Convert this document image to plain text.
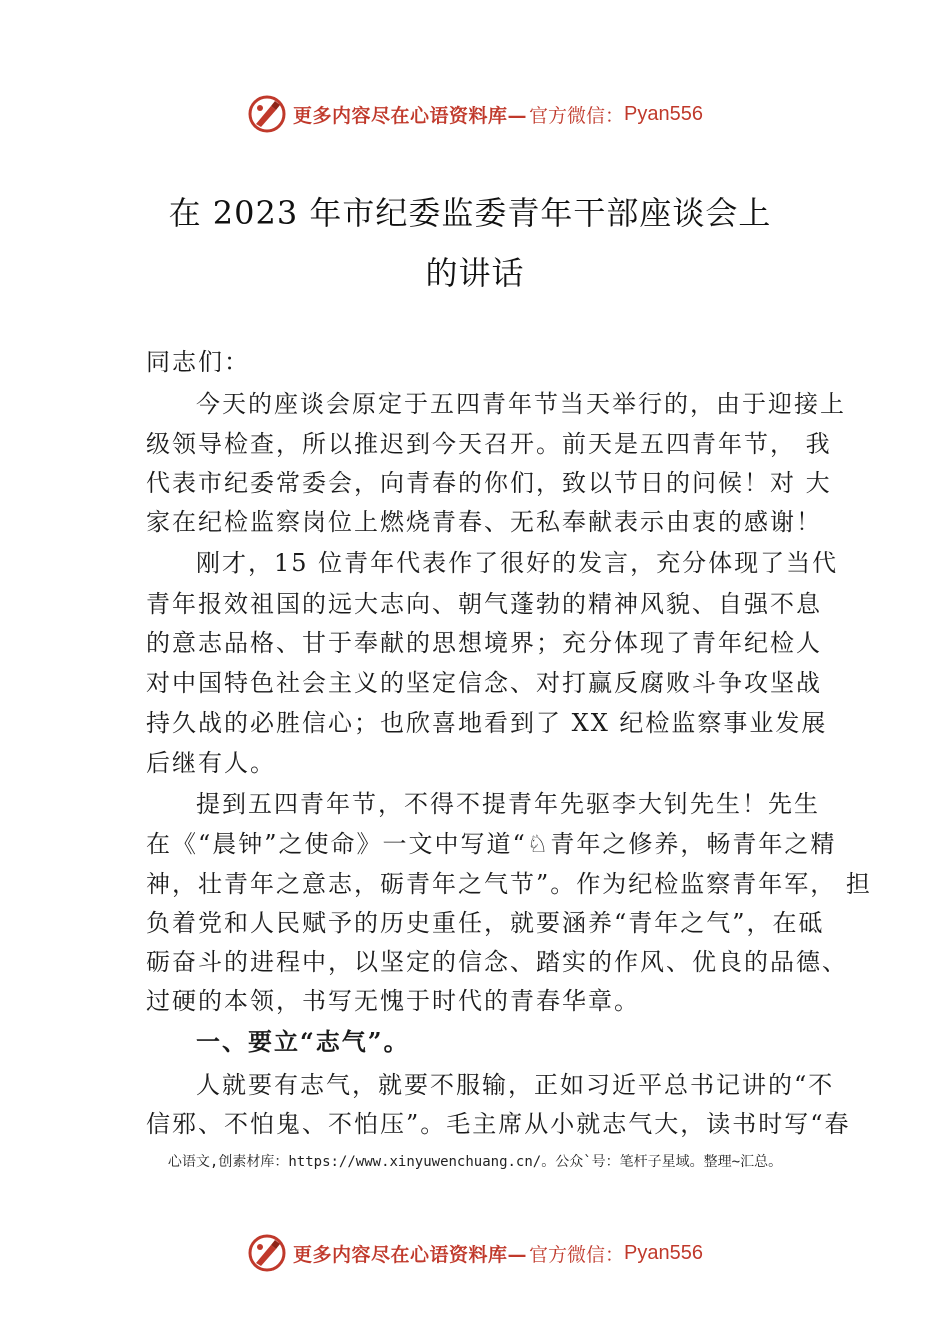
更多内容尽在心语资料库— 官方微信： Pyan556
在 2023 年市纪委监委青年干部座谈会上
的讲话
同志们：
今天的座谈会原定于五四青年节当天举行的，由于迎接上
级领导检查，所以推迟到今天召开。前天是五四青年节， 我
代表市纪委常委会，向青春的你们，致以节日的问候！对 大
家在纪检监察岗位上燃烧青春、无私奉献表示由衷的感谢！
刚才，15 位青年代表作了很好的发言，充分体现了当代
青年报效祖国的远大志向、朝气蓬勃的精神风貌、自强不息
的意志品格、甘于奉献的思想境界；充分体现了青年纪检人
对中国特色社会主义的坚定信念、对打赢反腐败斗争攻坚战
持久战的必胜信心；也欣喜地看到了 XX 纪检监察事业发展
后继有人。
提到五四青年节，不得不提青年先驱李大钊先生！先生
在《“晨钟”之使命》一文中写道“♘青年之修养，畅青年之精
神，壮青年之意志，砺青年之气节”。作为纪检监察青年军， 担
负着党和人民赋予的历史重任，就要涵养“青年之气”，在砥
砺奋斗的进程中，以坚定的信念、踏实的作风、优良的品德、
过硬的本领，书写无愧于时代的青春华章。
一、要立“志气”。
人就要有志气，就要不服输，正如习近平总书记讲的“不
信邪、不怕鬼、不怕压”。毛主席从小就志气大，读书时写“春
心语文,创素材库：https://www.xinyuwenchuang.cn/。公众`号：笔杆子星域。整理~汇总。
更多内容尽在心语资料库— 官方微信： Pyan556
